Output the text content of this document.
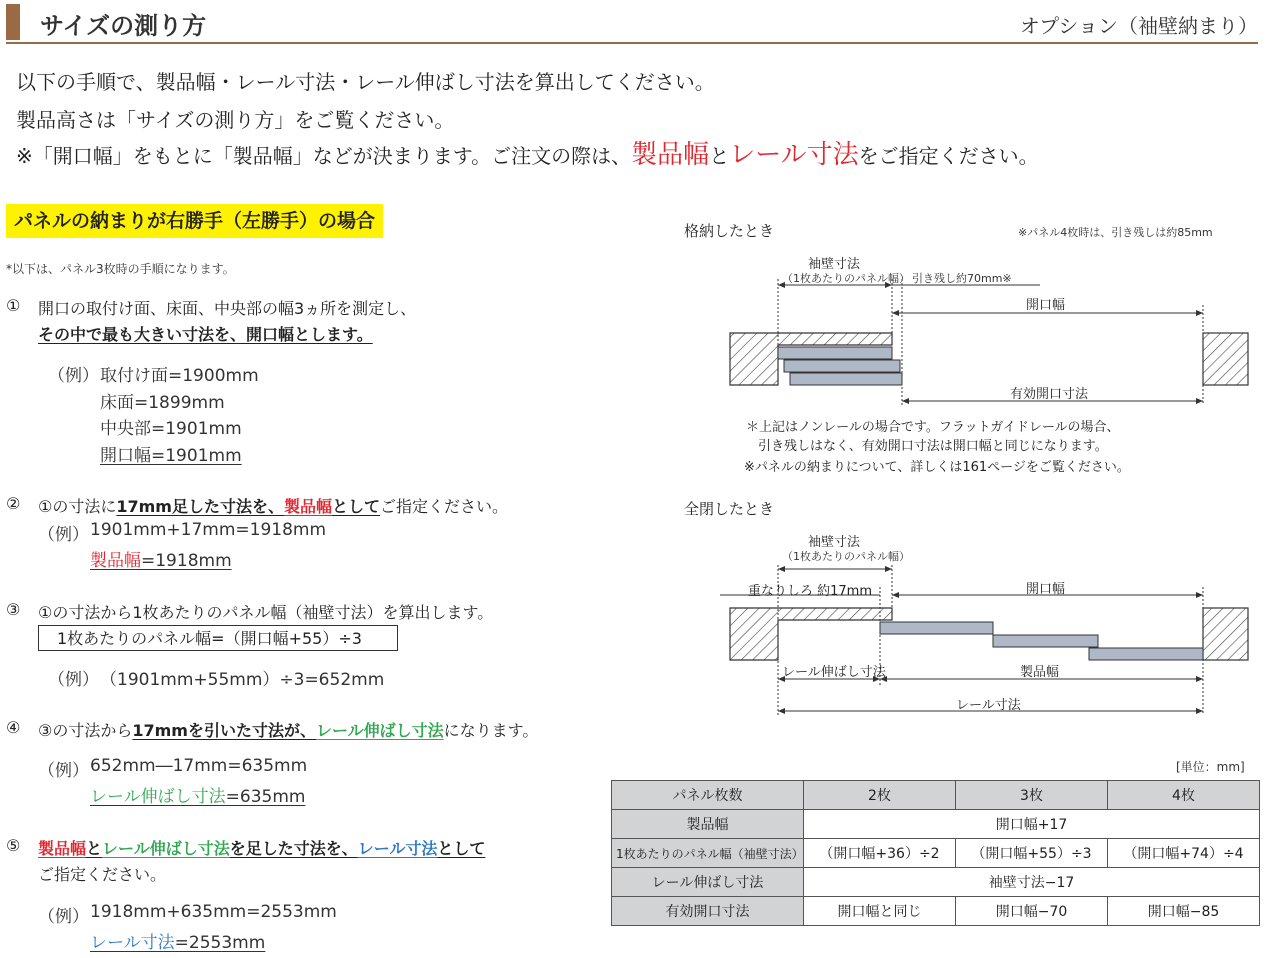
サイズの測り方	オプション（袖壁納まり）
以下の手順で、製品幅・レール寸法・レール伸ばし寸法を算出してください。
製品高さは「サイズの測り方」をご覧ください。
※「開口幅」をもとに「製品幅」などが決まります。ご注文の際は、製品幅とレール寸法をご指定ください。
パネルの納まりが右勝手（左勝手）の場合
*以下は、パネル3枚時の手順になります。
① 開口の取付け面、床面、中央部の幅3ヵ所を測定し、
その中で最も大きい寸法を、開口幅とします。
（例） 取付け面=1900mm
床面=1899mm
中央部=1901mm
開口幅=1901mm
② ①の寸法に17mm足した寸法を、製品幅としてご指定ください。
（例） 1901mm+17mm=1918mm
製品幅=1918mm
③ ①の寸法から1枚あたりのパネル幅（袖壁寸法）を算出します。
1枚あたりのパネル幅=（開口幅+55）÷3
（例） （1901mm+55mm）÷3=652mm
④ ③の寸法から17mmを引いた寸法が、レール伸ばし寸法になります。
（例） 652mm―17mm=635mm
レール伸ばし寸法=635mm
⑤ 製品幅とレール伸ばし寸法を足した寸法を、レール寸法として
ご指定ください。
（例） 1918mm+635mm=2553mm
レール寸法=2553mm
格納したとき	※パネル4枚時は、引き残しは約85mm
袖壁寸法
（1枚あたりのパネル幅） 引き残し約70mm※
開口幅
有効開口寸法
＊上記はノンレールの場合です。フラットガイドレールの場合、
引き残しはなく、有効開口寸法は開口幅と同じになります。
※パネルの納まりについて、詳しくは161ページをご覧ください。
全閉したとき
袖壁寸法
（1枚あたりのパネル幅）
重なりしろ 約17mm	開口幅
レール伸ばし寸法	製品幅
レール寸法
[単位：mm]
パネル枚数	2枚	3枚	4枚
製品幅	開口幅+17		
1枚あたりのパネル幅（袖壁寸法）	（開口幅+36）÷2	（開口幅+55）÷3	（開口幅+74）÷4
レール伸ばし寸法	袖壁寸法−17		
有効開口寸法	開口幅と同じ	開口幅−70	開口幅−85
